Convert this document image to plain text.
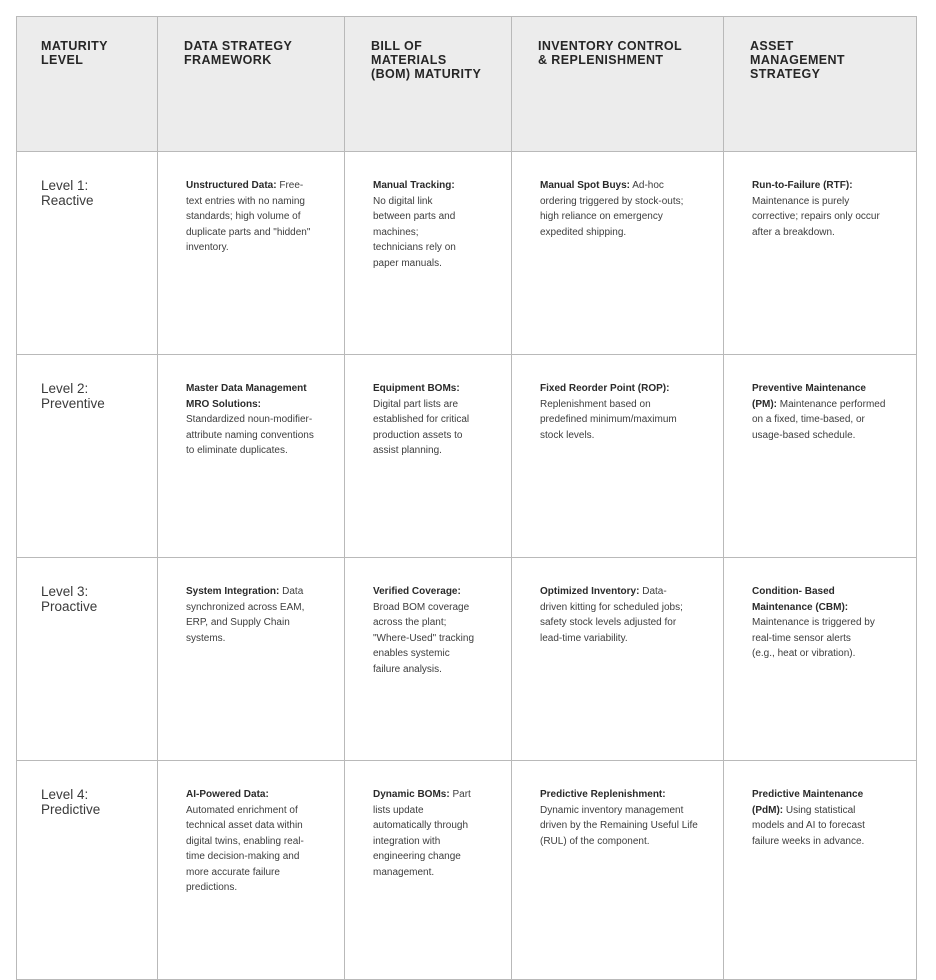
MATURITY LEVEL	DATA STRATEGY FRAMEWORK	BILL OF MATERIALS (BOM) MATURITY	INVENTORY CONTROL & REPLENISHMENT	ASSET MANAGEMENT STRATEGY

Level 1: Reactive	Unstructured Data: Free-text entries with no naming standards; high volume of duplicate parts and "hidden" inventory.	Manual Tracking: No digital link between parts and machines; technicians rely on paper manuals.	Manual Spot Buys: Ad-hoc ordering triggered by stock-outs; high reliance on emergency expedited shipping.	Run-to-Failure (RTF): Maintenance is purely corrective; repairs only occur after a breakdown.

Level 2: Preventive	Master Data Management MRO Solutions: Standardized noun-modifier-attribute naming conventions to eliminate duplicates.	Equipment BOMs: Digital part lists are established for critical production assets to assist planning.	Fixed Reorder Point (ROP): Replenishment based on predefined minimum/maximum stock levels.	Preventive Maintenance (PM): Maintenance performed on a fixed, time-based, or usage-based schedule.

Level 3: Proactive	System Integration: Data synchronized across EAM, ERP, and Supply Chain systems.	Verified Coverage: Broad BOM coverage across the plant; "Where-Used" tracking enables systemic failure analysis.	Optimized Inventory: Data-driven kitting for scheduled jobs; safety stock levels adjusted for lead-time variability.	Condition- Based Maintenance (CBM): Maintenance is triggered by real-time sensor alerts (e.g., heat or vibration).

Level 4: Predictive	AI-Powered Data: Automated enrichment of technical asset data within digital twins, enabling real-time decision-making and more accurate failure predictions.	Dynamic BOMs: Part lists update automatically through integration with engineering change management.	Predictive Replenishment: Dynamic inventory management driven by the Remaining Useful Life (RUL) of the component.	Predictive Maintenance (PdM): Using statistical models and AI to forecast failure weeks in advance.
